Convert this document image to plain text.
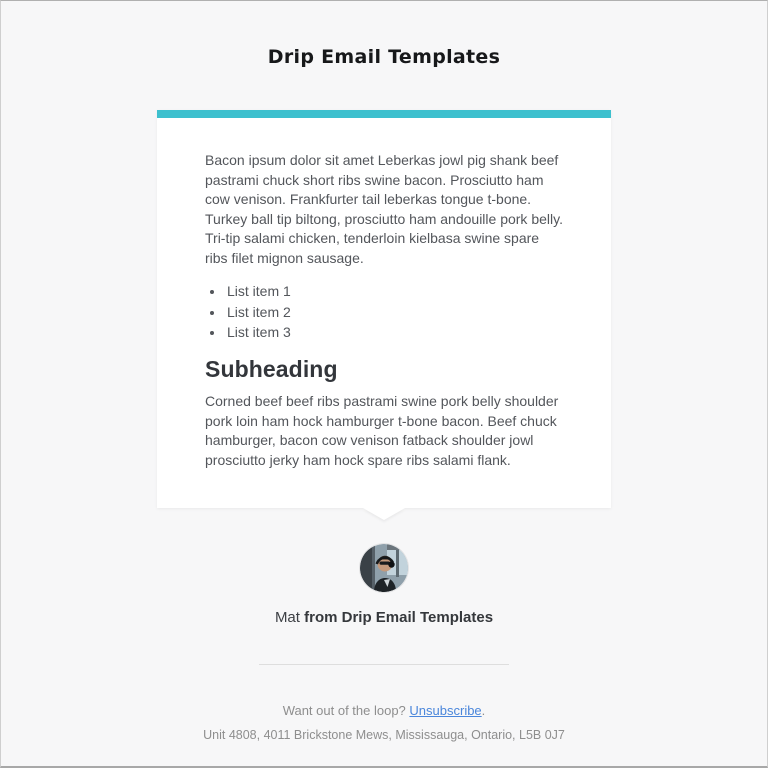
Drip Email Templates

Bacon ipsum dolor sit amet Leberkas jowl pig shank beef pastrami chuck short ribs swine bacon. Prosciutto ham cow venison. Frankfurter tail leberkas tongue t-bone. Turkey ball tip biltong, prosciutto ham andouille pork belly. Tri-tip salami chicken, tenderloin kielbasa swine spare ribs filet mignon sausage.

• List item 1
• List item 2
• List item 3
Subheading

Corned beef beef ribs pastrami swine pork belly shoulder pork loin ham hock hamburger t-bone bacon. Beef chuck hamburger, bacon cow venison fatback shoulder jowl prosciutto jerky ham hock spare ribs salami flank.

Mat from Drip Email Templates
Want out of the loop? Unsubscribe.
Unit 4808, 4011 Brickstone Mews, Mississauga, Ontario, L5B 0J7
